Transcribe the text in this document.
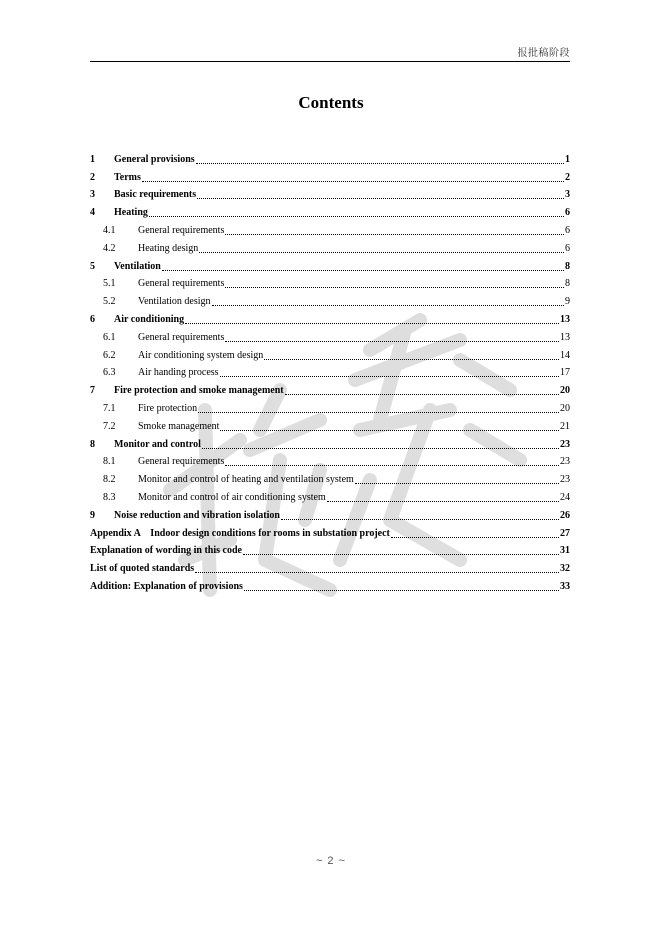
报批稿阶段
Contents
1	General provisions	1
2	Terms	2
3	Basic requirements	3
4	Heating	6
4.1	General requirements	6
4.2	Heating design	6
5	Ventilation	8
5.1	General requirements	8
5.2	Ventilation design	9
6	Air conditioning	13
6.1	General requirements	13
6.2	Air conditioning system design	14
6.3	Air handing process	17
7	Fire protection and smoke management	20
7.1	Fire protection	20
7.2	Smoke management	21
8	Monitor and control	23
8.1	General requirements	23
8.2	Monitor and control of heating and ventilation system	23
8.3	Monitor and control of air conditioning system	24
9	Noise reduction and vibration isolation	26
Appendix A　Indoor design conditions for rooms in substation project	27
Explanation of wording in this code	31
List of quoted standards	32
Addition: Explanation of provisions	33
~ 2 ~
